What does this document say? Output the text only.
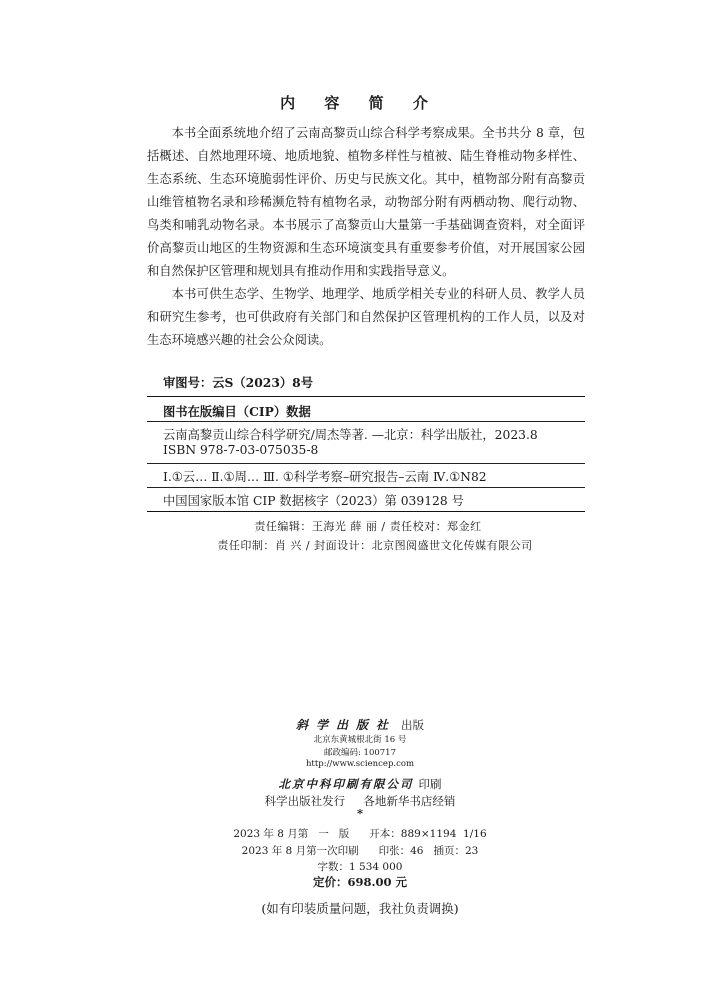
内 容 简 介

本书全面系统地介绍了云南高黎贡山综合科学考察成果。全书共分 8 章，包括概述、自然地理环境、地质地貌、植物多样性与植被、陆生脊椎动物多样性、生态系统、生态环境脆弱性评价、历史与民族文化。其中，植物部分附有高黎贡山维管植物名录和珍稀濒危特有植物名录，动物部分附有两栖动物、爬行动物、鸟类和哺乳动物名录。本书展示了高黎贡山大量第一手基础调查资料，对全面评价高黎贡山地区的生物资源和生态环境演变具有重要参考价值，对开展国家公园和自然保护区管理和规划具有推动作用和实践指导意义。

本书可供生态学、生物学、地理学、地质学相关专业的科研人员、教学人员和研究生参考，也可供政府有关部门和自然保护区管理机构的工作人员，以及对生态环境感兴趣的社会公众阅读。

审图号：云S（2023）8号
图书在版编目（CIP）数据
云南高黎贡山综合科学研究/周杰等著. —北京：科学出版社，2023.8
ISBN 978-7-03-075035-8
Ⅰ.①云… Ⅱ.①周… Ⅲ. ①科学考察–研究报告–云南 Ⅳ.①N82
中国国家版本馆 CIP 数据核字（2023）第 039128 号
责任编辑：王海光 薛 丽 / 责任校对：郑金红
责任印制：肖 兴 / 封面设计：北京图阅盛世文化传媒有限公司
斜学出版社 出版
北京东黄城根北街 16 号
邮政编码: 100717
http://www.sciencep.com
北京中科印刷有限公司 印刷
科学出版社发行     各地新华书店经销
*
2023 年 8 月第   一   版      开本：889×1194  1/16
2023 年 8 月第一次印刷      印张：46   插页：23
字数：1 534 000
定价：698.00 元
(如有印装质量问题，我社负责调换)
